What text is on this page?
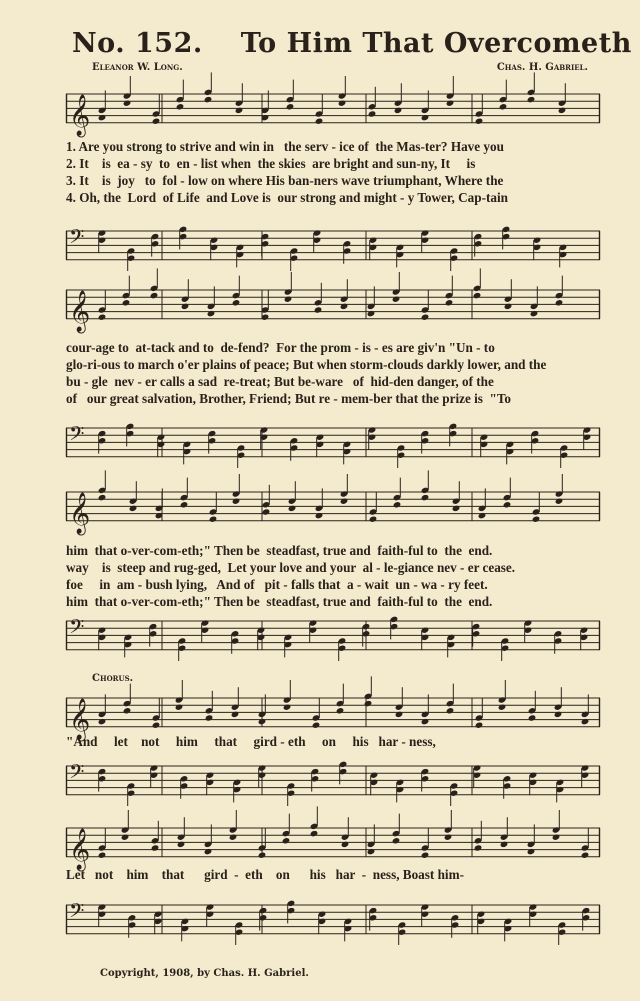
No. 152. To Him That Overcometh
Eleanor W. Long.	Chas. H. Gabriel.
𝄞
1. Are you strong to strive and win in   the serv - ice of  the Mas-ter? Have you
2. It    is  ea - sy  to  en - list when  the skies  are bright and sun-ny, It     is
3. It    is  joy   to  fol - low on where His ban-ners wave triumphant, Where the
4. Oh, the  Lord  of Life  and Love is  our strong and might - y Tower, Cap-tain
𝄢
𝄞
cour-age to  at-tack and to  de-fend?  For the prom - is - es are giv'n "Un - to
glo-ri-ous to march o'er plains of peace; But when storm-clouds darkly lower, and the
bu - gle  nev - er calls a sad  re-treat; But be-ware   of  hid-den danger, of the
of   our great salvation, Brother, Friend; But re - mem-ber that the prize is  "To
𝄢
𝄞
him  that o-ver-com-eth;" Then be  steadfast, true and  faith-ful to  the  end.
way    is  steep and rug-ged,  Let your love and your  al - le-giance nev - er cease.
foe     in  am - bush lying,   And of   pit - falls that  a - wait  un - wa - ry feet.
him  that o-ver-com-eth;" Then be  steadfast, true and  faith-ful to  the  end.
𝄢
Chorus.
𝄞
"And     let    not     him     that     gird - eth     on     his   har - ness,
𝄢
𝄞
Let   not    him    that      gird  -  eth    on      his   har  -  ness, Boast him-
𝄢
Copyright, 1908, by Chas. H. Gabriel.
